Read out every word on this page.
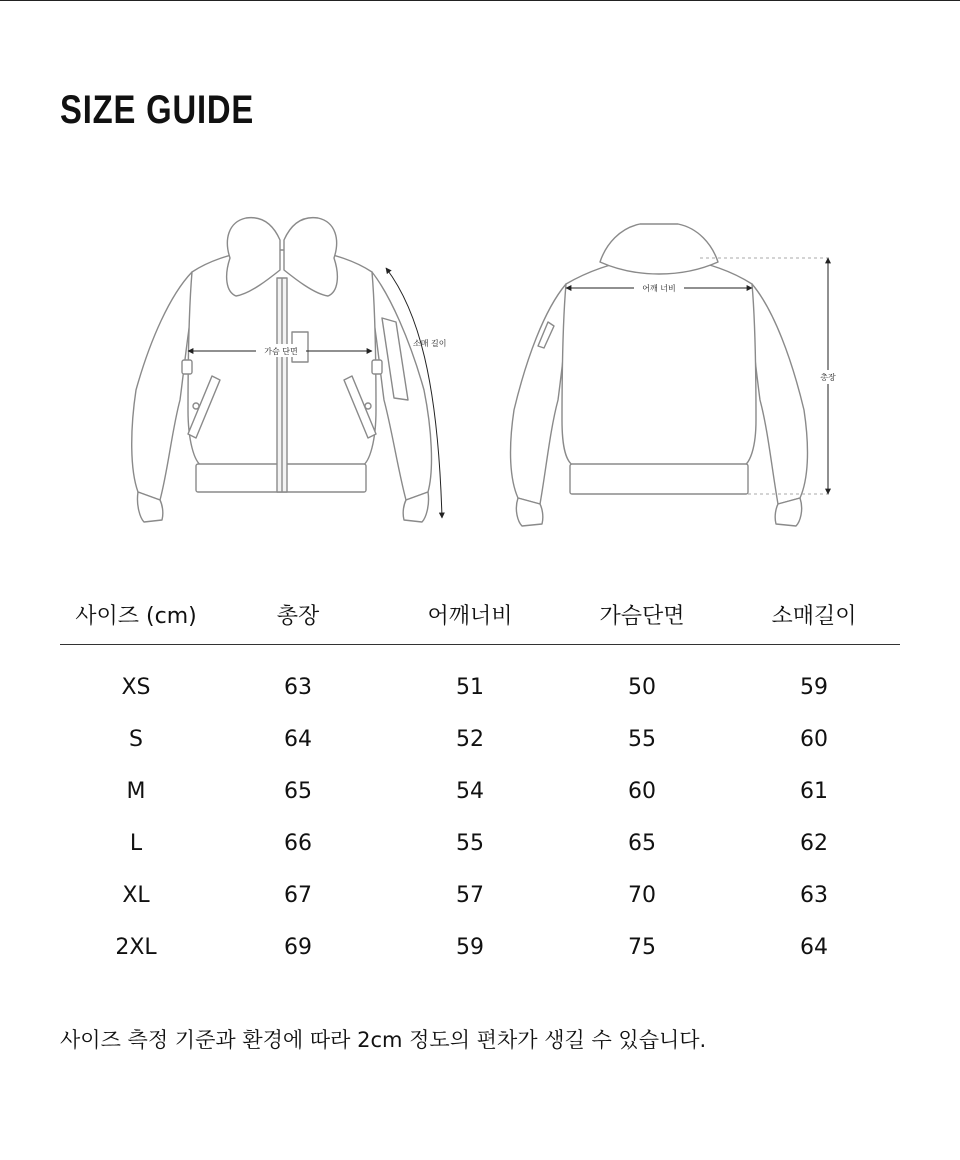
SIZE GUIDE
가슴 단면
소매 길이
어깨 너비
총장
사이즈 (cm)	총장	어깨너비	가슴단면	소매길이
XS	63	51	50	59
S	64	52	55	60
M	65	54	60	61
L	66	55	65	62
XL	67	57	70	63
2XL	69	59	75	64
사이즈 측정 기준과 환경에 따라 2cm 정도의 편차가 생길 수 있습니다.
